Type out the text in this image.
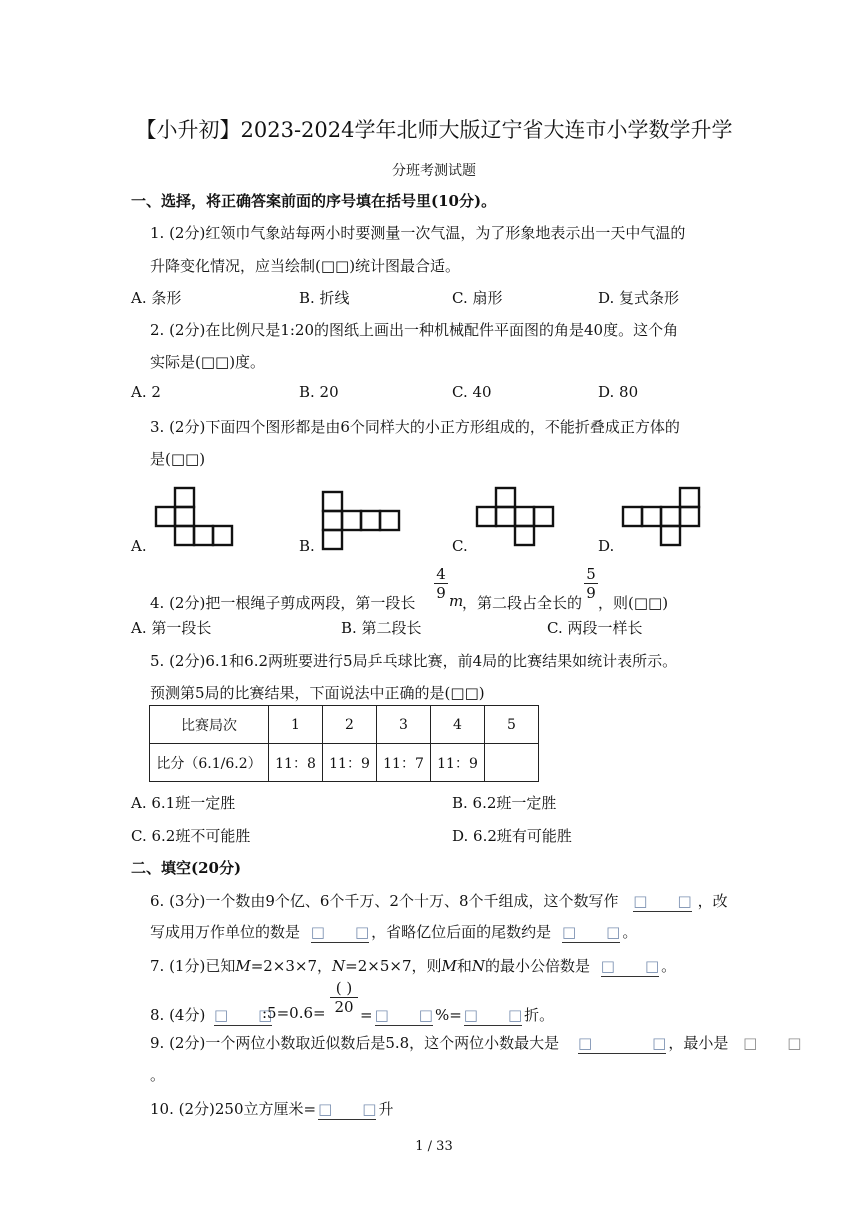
【小升初】2023-2024学年北师大版辽宁省大连市小学数学升学
分班考测试题
一、选择，将正确答案前面的序号填在括号里(10分)。
1. (2分)红领巾气象站每两小时要测量一次气温，为了形象地表示出一天中气温的
升降变化情况，应当绘制(□□)统计图最合适。
A. 条形	B. 折线	C. 扇形	D. 复式条形
2. (2分)在比例尺是1:20的图纸上画出一种机械配件平面图的角是40度。这个角
实际是(□□)度。
A. 2	B. 20	C. 40	D. 80
3. (2分)下面四个图形都是由6个同样大的小正方形组成的，不能折叠成正方体的
是(□□)
A.	B.	C.	D.
4. (2分)把一根绳子剪成两段，第一段长
$\frac{4}{9}$ m
，第二段占全长的
$\frac{5}{9}$
，则(□□)
A. 第一段长	B. 第二段长	C. 两段一样长
5. (2分)6.1和6.2两班要进行5局乒乓球比赛，前4局的比赛结果如统计表所示。
预测第5局的比赛结果，下面说法中正确的是(□□)
比赛局次	1	2	3	4	5
比分（6.1/6.2）	11：8	11：9	11：7	11：9	
A. 6.1班一定胜	B. 6.2班一定胜
C. 6.2班不可能胜	D. 6.2班有可能胜
二、填空(20分)
6. (3分)一个数由9个亿、6个千万、2个十万、8个千组成，这个数写作 □　　□ ，改
写成用万作单位的数是 □　　□ ，省略亿位后面的尾数约是 □　　□ 。
7. (1分)已知M=2×3×7，N=2×5×7，则M和N的最小公倍数是 □　　□ 。
8. (4分) □　　□
:5=0.6=
( )
20 = □　　□ %= □　　□ 折。
9. (2分)一个两位小数取近似数后是5.8，这个两位小数最大是 □　　　　□ ，最小是 □　　□
。
10. (2分)250立方厘米= □　　□ 升
1 / 33
